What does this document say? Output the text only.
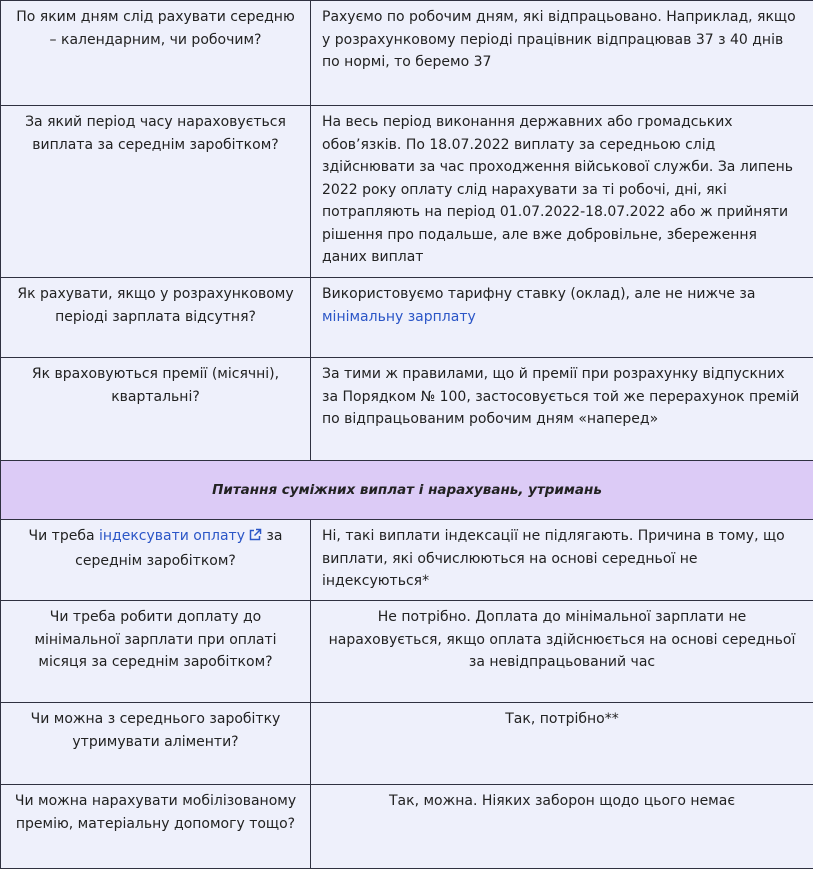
По яким дням слід рахувати середню – календарним, чи робочим?	Рахуємо по робочим дням, які відпрацьовано. Наприклад, якщо у розрахунковому періоді працівник відпрацював 37 з 40 днів по нормі, то беремо 37
За який період часу нараховується виплата за середнім заробітком?	На весь період виконання державних або громадських обов’язків. По 18.07.2022 виплату за середньою слід здійснювати за час проходження військової служби. За липень 2022 року оплату слід нарахувати за ті робочі, дні, які потрапляють на період 01.07.2022-18.07.2022 або ж прийняти рішення про подальше, але вже добровільне, збереження даних виплат
Як рахувати, якщо у розрахунковому періоді зарплата відсутня?	Використовуємо тарифну ставку (оклад), але не нижче за мінімальну зарплату
Як враховуються премії (місячні), квартальні?	За тими ж правилами, що й премії при розрахунку відпускних за Порядком № 100, застосовується той же перерахунок премій по відпрацьованим робочим дням «наперед»
Питання суміжних виплат і нарахувань, утримань	
Чи треба індексувати оплату за середнім заробітком?	Ні, такі виплати індексації не підлягають. Причина в тому, що виплати, які обчислюються на основі середньої не індексуються*
Чи треба робити доплату до мінімальної зарплати при оплаті місяця за середнім заробітком?	Не потрібно. Доплата до мінімальної зарплати не нараховується, якщо оплата здійснюється на основі середньої за невідпрацьований час
Чи можна з середнього заробітку утримувати аліменти?	Так, потрібно**
Чи можна нарахувати мобілізованому премію, матеріальну допомогу тощо?	Так, можна. Ніяких заборон щодо цього немає
